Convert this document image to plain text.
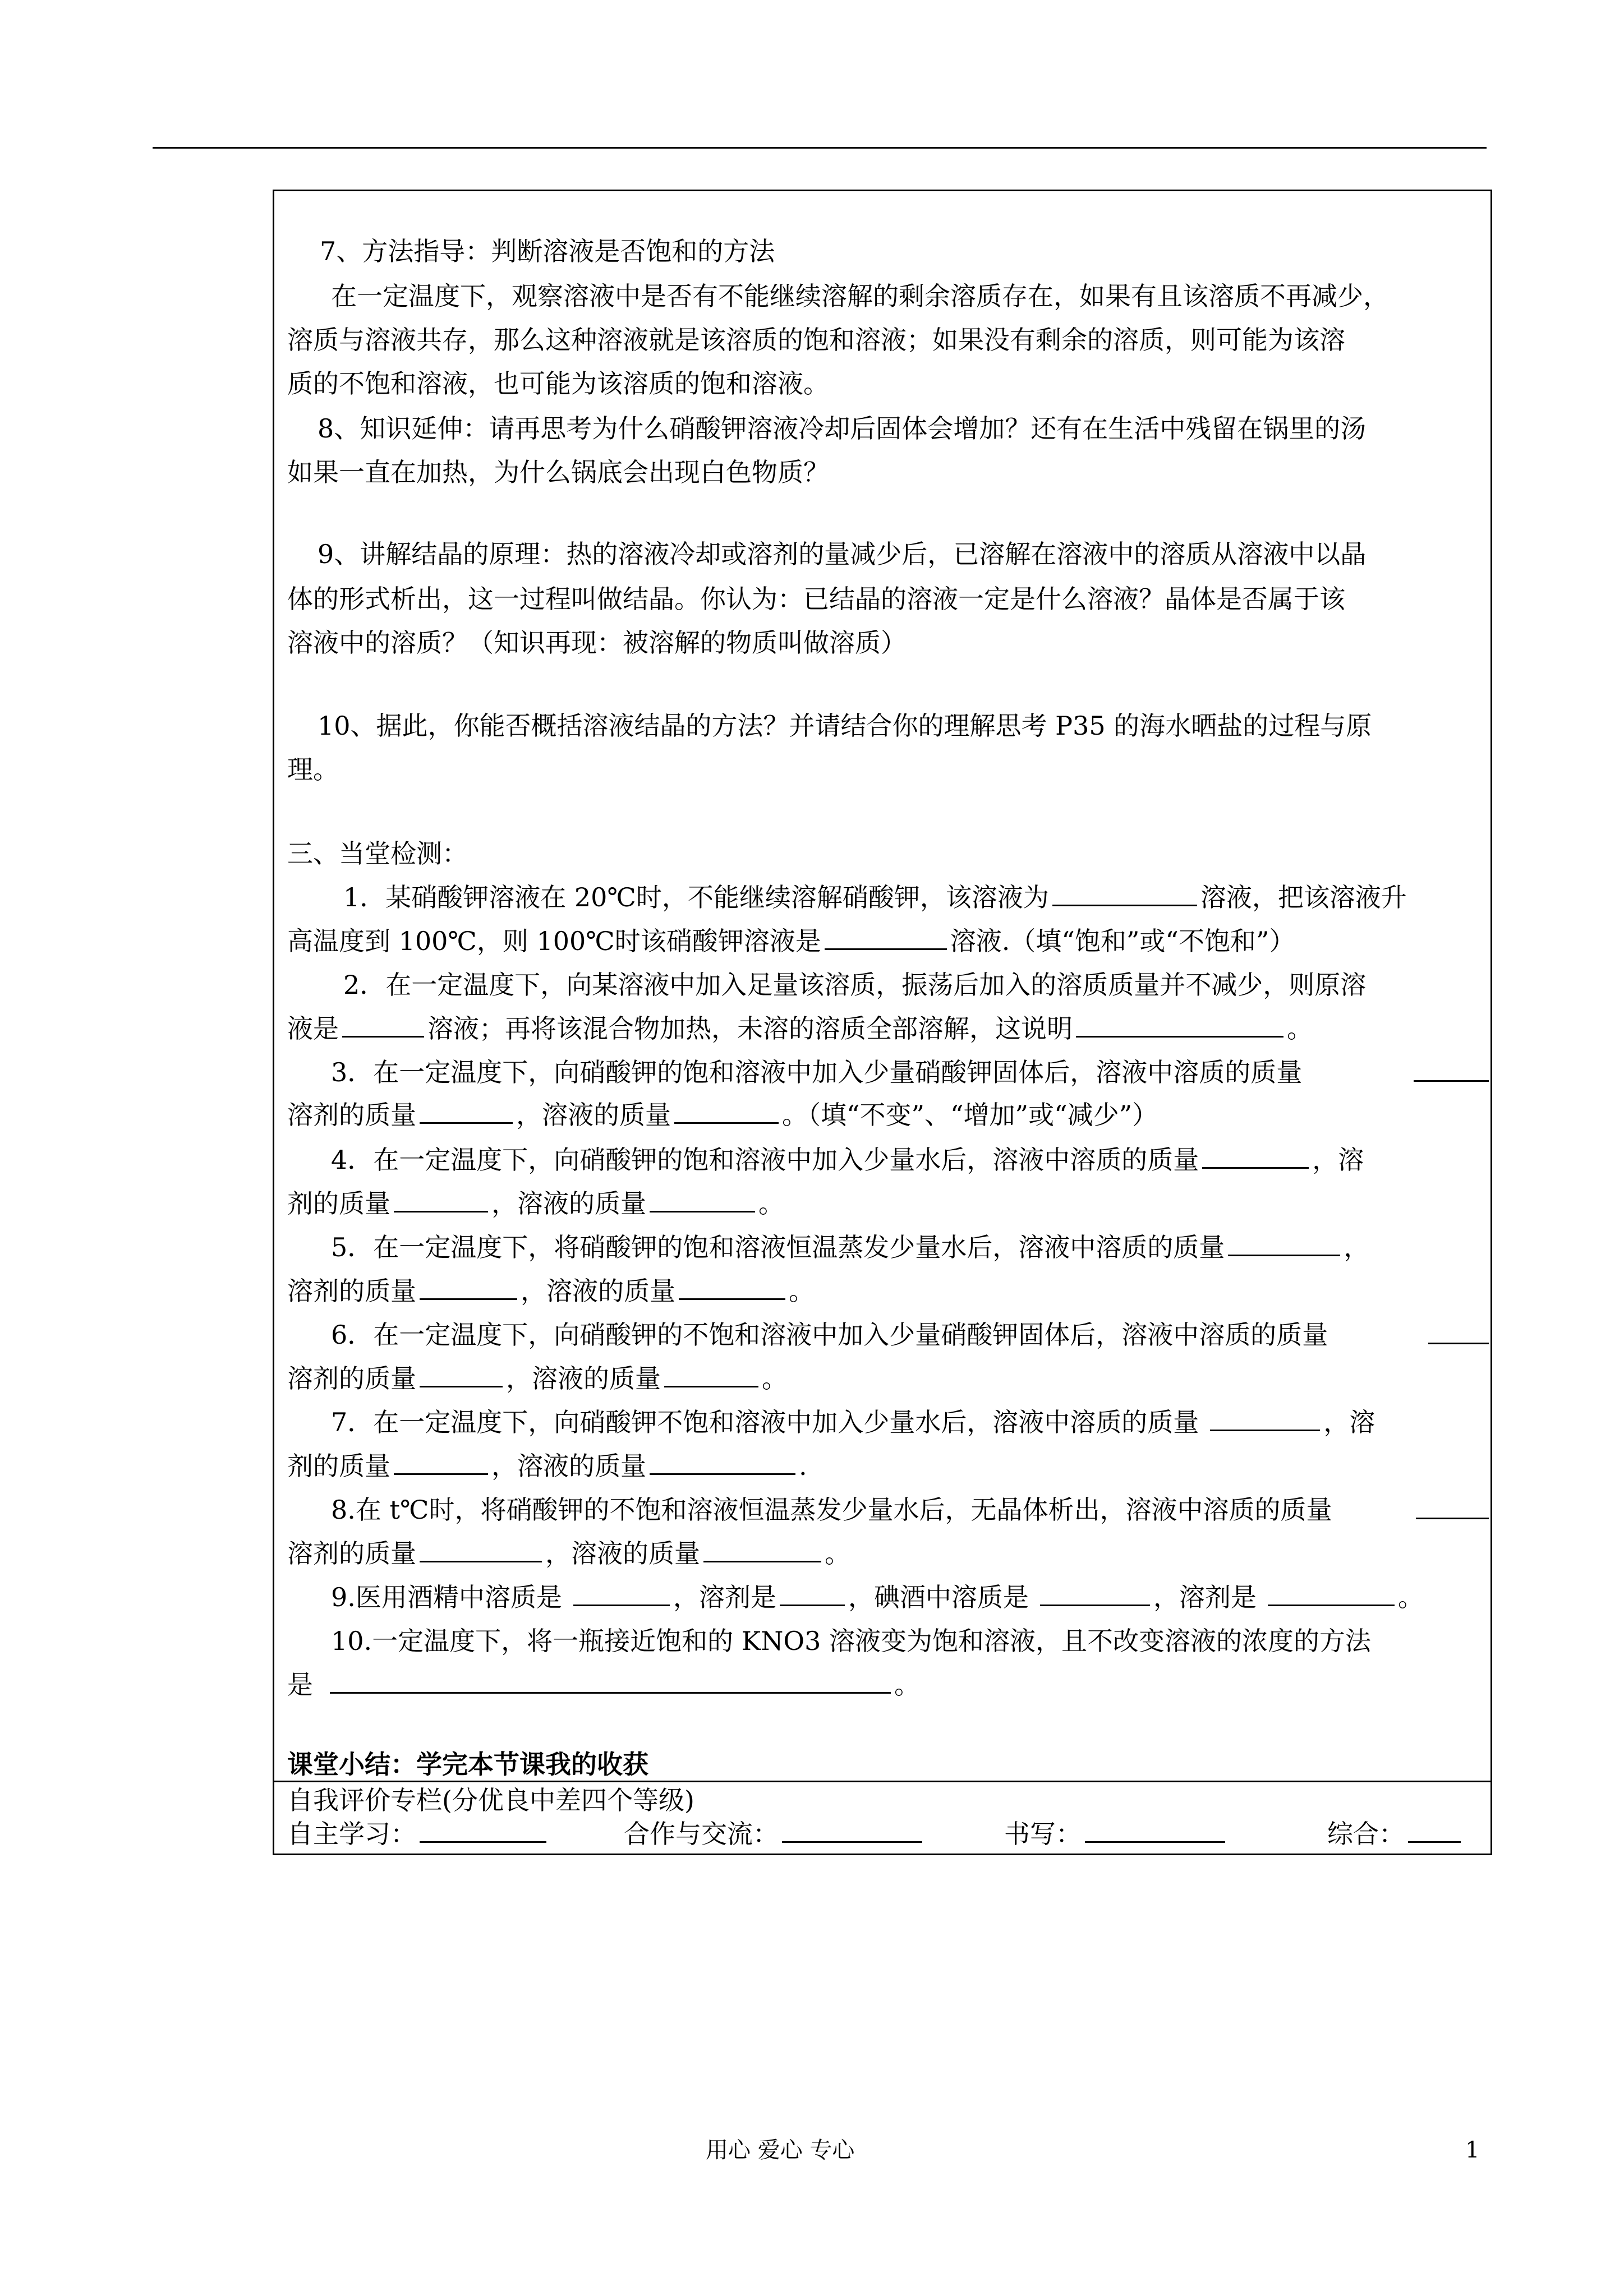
7、方法指导：判断溶液是否饱和的方法
在一定温度下，观察溶液中是否有不能继续溶解的剩余溶质存在，如果有且该溶质不再减少，
溶质与溶液共存，那么这种溶液就是该溶质的饱和溶液；如果没有剩余的溶质，则可能为该溶
质的不饱和溶液，也可能为该溶质的饱和溶液。
8、知识延伸：请再思考为什么硝酸钾溶液冷却后固体会增加？还有在生活中残留在锅里的汤
如果一直在加热，为什么锅底会出现白色物质？
9、讲解结晶的原理：热的溶液冷却或溶剂的量减少后，已溶解在溶液中的溶质从溶液中以晶
体的形式析出，这一过程叫做结晶。你认为：已结晶的溶液一定是什么溶液？晶体是否属于该
溶液中的溶质？（知识再现：被溶解的物质叫做溶质）
10、据此，你能否概括溶液结晶的方法？并请结合你的理解思考 P35 的海水晒盐的过程与原
理。
三、当堂检测：
1．某硝酸钾溶液在 20℃时，不能继续溶解硝酸钾，该溶液为	溶液，把该溶液升
高温度到 100℃，则 100℃时该硝酸钾溶液是	溶液.（填“饱和”或“不饱和”）
2．在一定温度下，向某溶液中加入足量该溶质，振荡后加入的溶质质量并不减少，则原溶
液是	溶液；再将该混合物加热，未溶的溶质全部溶解，这说明	。
3．在一定温度下，向硝酸钾的饱和溶液中加入少量硝酸钾固体后，溶液中溶质的质量
溶剂的质量	，溶液的质量	。（填“不变”、“增加”或“减少”）
4．在一定温度下，向硝酸钾的饱和溶液中加入少量水后，溶液中溶质的质量	，溶
剂的质量	，溶液的质量	。
5．在一定温度下，将硝酸钾的饱和溶液恒温蒸发少量水后，溶液中溶质的质量	，
溶剂的质量	，溶液的质量	。
6．在一定温度下，向硝酸钾的不饱和溶液中加入少量硝酸钾固体后，溶液中溶质的质量
溶剂的质量	，溶液的质量	。
7．在一定温度下，向硝酸钾不饱和溶液中加入少量水后，溶液中溶质的质量	，溶
剂的质量	，溶液的质量	.
8.在 t℃时，将硝酸钾的不饱和溶液恒温蒸发少量水后，无晶体析出，溶液中溶质的质量
溶剂的质量	，溶液的质量	。
9.医用酒精中溶质是	，溶剂是	，碘酒中溶质是	，溶剂是	。
10.一定温度下，将一瓶接近饱和的 KNO3 溶液变为饱和溶液，且不改变溶液的浓度的方法
是	。
课堂小结：学完本节课我的收获
自我评价专栏(分优良中差四个等级)
自主学习：	合作与交流：	书写：	综合：
用心 爱心 专心	1
